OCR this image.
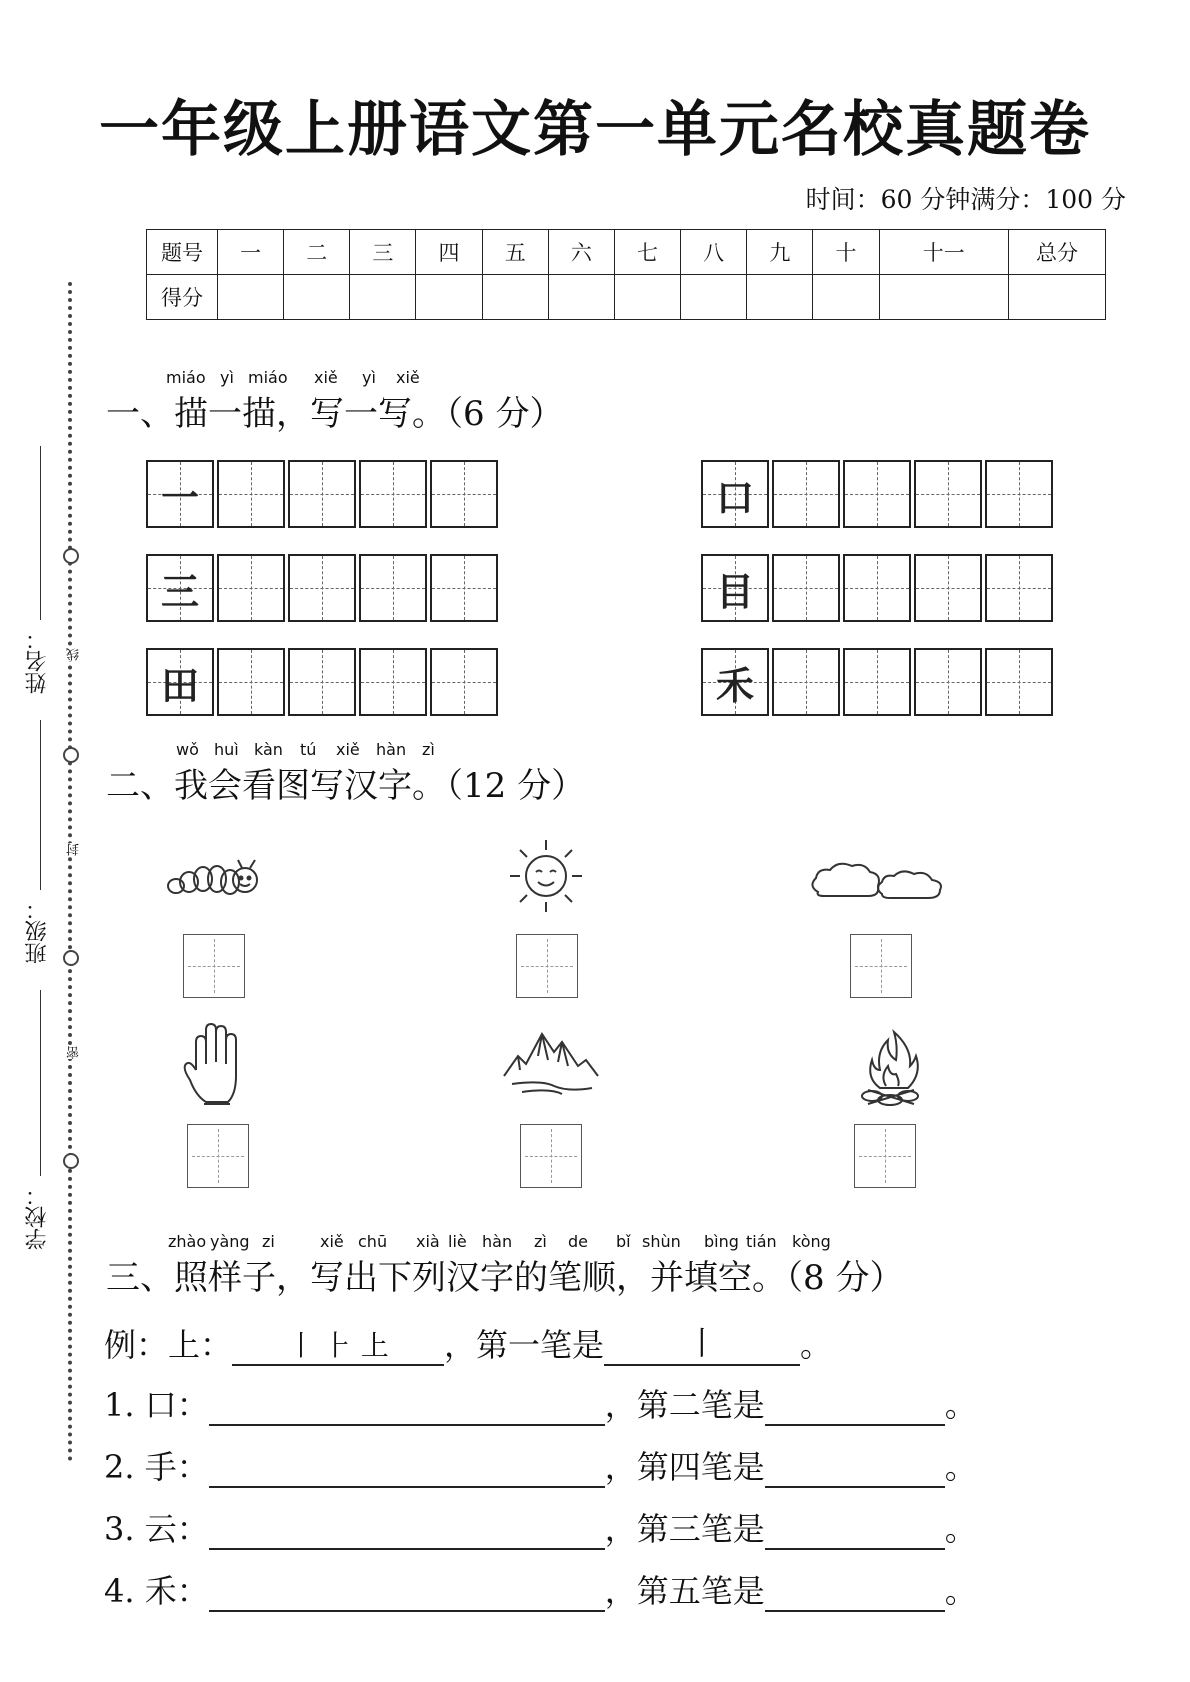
一年级上册语文第一单元名校真题卷
时间：60 分钟满分：100 分
题号	一	二	三	四	五	六	七	八	九	十	十一	总分
得分												
线
封
密
姓名：
班级：
学校：
miáo yì miáo xiě yì xiě
一、描一描，写一写。（6 分）
一
三
田
口
目
禾
wǒ huì kàn tú xiě hàn zì
二、我会看图写汉字。（12 分）
zhào yàng zi	xiě chū xià liè hàn zì de bǐ shùn bìng tián kòng
三、照样子，写出下列汉字的笔顺，并填空。（8 分）
例：上： 丨 ⺊ 上 ，第一笔是	丨	。
1. 口：	，第二笔是	。
2. 手：	，第四笔是	。
3. 云：	，第三笔是	。
4. 禾：	，第五笔是	。
